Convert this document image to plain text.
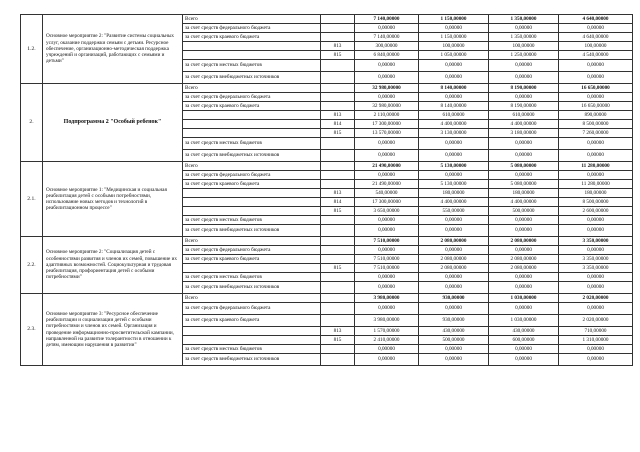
1.2.	Основное мероприятие 2: "Развитие системы социальных услуг, оказание поддержки семьям с детьми. Ресурсное обеспечение, организационно-методическая поддержка учреждений и организаций, работающих с семьями и детьми"	Всего		7 140,00000	1 150,00000	1 350,00000	4 640,00000
		за счет средств федерального бюджета		0,00000	0,00000	0,00000	0,00000
		за счет средств краевого бюджета		7 140,00000	1 150,00000	1 350,00000	4 640,00000
			813	300,00000	100,00000	100,00000	100,00000
			815	6 840,00000	1 050,00000	1 250,00000	4 540,00000
		за счет средств местных бюджетов		0,00000	0,00000	0,00000	0,00000
		за счет средств внебюджетных источников		0,00000	0,00000	0,00000	0,00000
2.	Подпрограмма 2 "Особый ребенок"	Всего		32 980,00000	8 140,00000	8 190,00000	16 650,00000
		за счет средств федерального бюджета		0,00000	0,00000	0,00000	0,00000
		за счет средств краевого бюджета		32 980,00000	8 140,00000	8 190,00000	16 650,00000
			813	2 110,00000	610,00000	610,00000	890,00000
			814	17 300,00000	4 400,00000	4 400,00000	8 500,00000
			815	13 570,00000	3 130,00000	3 180,00000	7 260,00000
		за счет средств местных бюджетов		0,00000	0,00000	0,00000	0,00000
		за счет средств внебюджетных источников		0,00000	0,00000	0,00000	0,00000
2.1.	Основное мероприятие 1: "Медицинская и социальная реабилитация детей с особыми потребностями, использование новых методов и технологий в реабилитационном процессе"	Всего		21 490,00000	5 130,00000	5 080,00000	11 280,00000
		за счет средств федерального бюджета		0,00000	0,00000	0,00000	0,00000
		за счет средств краевого бюджета		21 490,00000	5 130,00000	5 080,00000	11 280,00000
			813	540,00000	180,00000	180,00000	180,00000
			814	17 300,00000	4 400,00000	4 400,00000	8 500,00000
			815	3 650,00000	550,00000	500,00000	2 600,00000
		за счет средств местных бюджетов		0,00000	0,00000	0,00000	0,00000
		за счет средств внебюджетных источников		0,00000	0,00000	0,00000	0,00000
2.2.	Основное мероприятие 2: "Социализация детей с особенностями развития и членов их семей, повышение их адаптивных возможностей. Социокультурная и трудовая реабилитация, профориентация детей с особыми потребностями"	Всего		7 510,00000	2 080,00000	2 080,00000	3 350,00000
		за счет средств федерального бюджета		0,00000	0,00000	0,00000	0,00000
		за счет средств краевого бюджета		7 510,00000	2 080,00000	2 080,00000	3 350,00000
			815	7 510,00000	2 080,00000	2 080,00000	3 350,00000
		за счет средств местных бюджетов		0,00000	0,00000	0,00000	0,00000
		за счет средств внебюджетных источников		0,00000	0,00000	0,00000	0,00000
2.3.	Основное мероприятие 3: "Ресурсное обеспечение реабилитации и социализации детей с особыми потребностями и членов их семей. Организация и проведение информационно-просветительской кампании, направленной на развитие толерантности в отношении к детям, имеющим нарушения в развитии"	Всего		3 980,00000	930,00000	1 030,00000	2 020,00000
		за счет средств федерального бюджета		0,00000	0,00000	0,00000	0,00000
		за счет средств краевого бюджета		3 980,00000	930,00000	1 030,00000	2 020,00000
			813	1 570,00000	430,00000	430,00000	710,00000
			815	2 410,00000	500,00000	600,00000	1 310,00000
		за счет средств местных бюджетов		0,00000	0,00000	0,00000	0,00000
		за счет средств внебюджетных источников		0,00000	0,00000	0,00000	0,00000
